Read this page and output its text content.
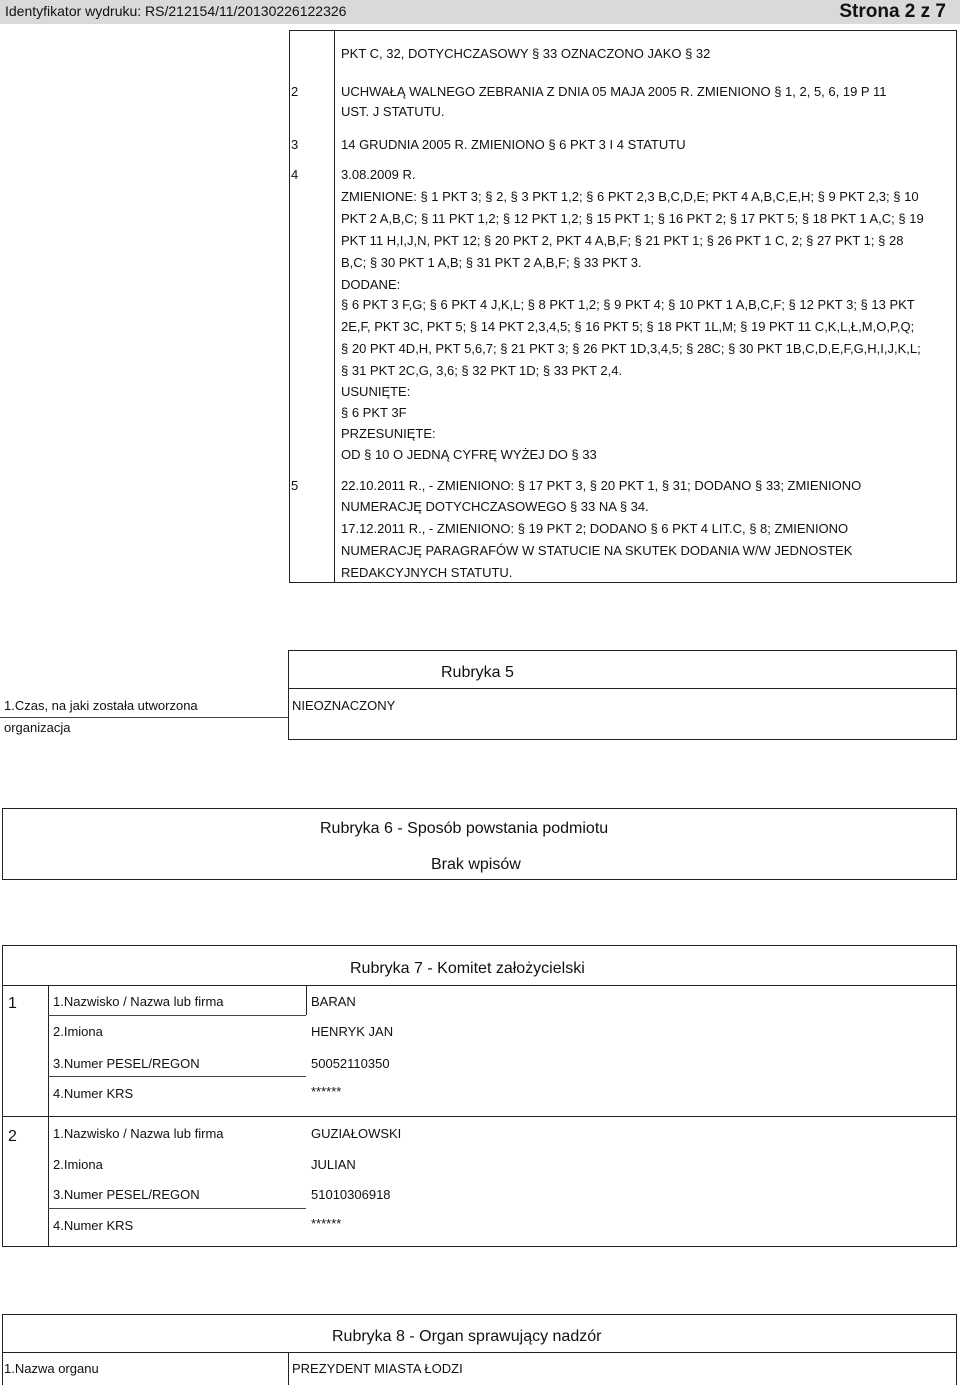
Identyfikator wydruku: RS/212154/11/20130226122326	Strona 2 z 7
PKT C, 32, DOTYCHCZASOWY § 33 OZNACZONO JAKO § 32
2	UCHWAŁĄ WALNEGO ZEBRANIA Z DNIA 05 MAJA 2005 R. ZMIENIONO § 1, 2, 5, 6, 19 P 11
UST. J STATUTU.
3	14 GRUDNIA 2005 R. ZMIENIONO § 6 PKT 3 I 4 STATUTU
4	3.08.2009 R.
ZMIENIONE: § 1 PKT 3; § 2, § 3 PKT 1,2; § 6 PKT 2,3 B,C,D,E; PKT 4 A,B,C,E,H; § 9 PKT 2,3; § 10
PKT 2 A,B,C; § 11 PKT 1,2; § 12 PKT 1,2; § 15 PKT 1; § 16 PKT 2; § 17 PKT 5; § 18 PKT 1 A,C; § 19
PKT 11 H,I,J,N, PKT 12; § 20 PKT 2, PKT 4 A,B,F; § 21 PKT 1; § 26 PKT 1 C, 2; § 27 PKT 1; § 28
B,C; § 30 PKT 1 A,B; § 31 PKT 2 A,B,F; § 33 PKT 3.
DODANE:
§ 6 PKT 3 F,G; § 6 PKT 4 J,K,L; § 8 PKT 1,2; § 9 PKT 4; § 10 PKT 1 A,B,C,F; § 12 PKT 3; § 13 PKT
2E,F, PKT 3C, PKT 5; § 14 PKT 2,3,4,5; § 16 PKT 5; § 18 PKT 1L,M; § 19 PKT 11 C,K,L,Ł,M,O,P,Q;
§ 20 PKT 4D,H, PKT 5,6,7; § 21 PKT 3; § 26 PKT 1D,3,4,5; § 28C; § 30 PKT 1B,C,D,E,F,G,H,I,J,K,L;
§ 31 PKT 2C,G, 3,6; § 32 PKT 1D; § 33 PKT 2,4.
USUNIĘTE:
§ 6 PKT 3F
PRZESUNIĘTE:
OD § 10 O JEDNĄ CYFRĘ WYŻEJ DO § 33
5	22.10.2011 R., - ZMIENIONO: § 17 PKT 3, § 20 PKT 1, § 31; DODANO § 33; ZMIENIONO
NUMERACJĘ DOTYCHCZASOWEGO § 33 NA § 34.
17.12.2011 R., - ZMIENIONO: § 19 PKT 2; DODANO § 6 PKT 4 LIT.C, § 8; ZMIENIONO
NUMERACJĘ PARAGRAFÓW W STATUCIE NA SKUTEK DODANIA W/W JEDNOSTEK
REDAKCYJNYCH STATUTU.
Rubryka 5
1.Czas, na jaki została utworzona
organizacja
NIEOZNACZONY
Rubryka 6 - Sposób powstania podmiotu
Brak wpisów
Rubryka 7 - Komitet założycielski
1	1.Nazwisko / Nazwa lub firma	BARAN
2.Imiona	HENRYK JAN
3.Numer PESEL/REGON	50052110350
4.Numer KRS	******
2	1.Nazwisko / Nazwa lub firma	GUZIAŁOWSKI
2.Imiona	JULIAN
3.Numer PESEL/REGON	51010306918
4.Numer KRS	******
Rubryka 8 - Organ sprawujący nadzór
1.Nazwa organu	PREZYDENT MIASTA ŁODZI
